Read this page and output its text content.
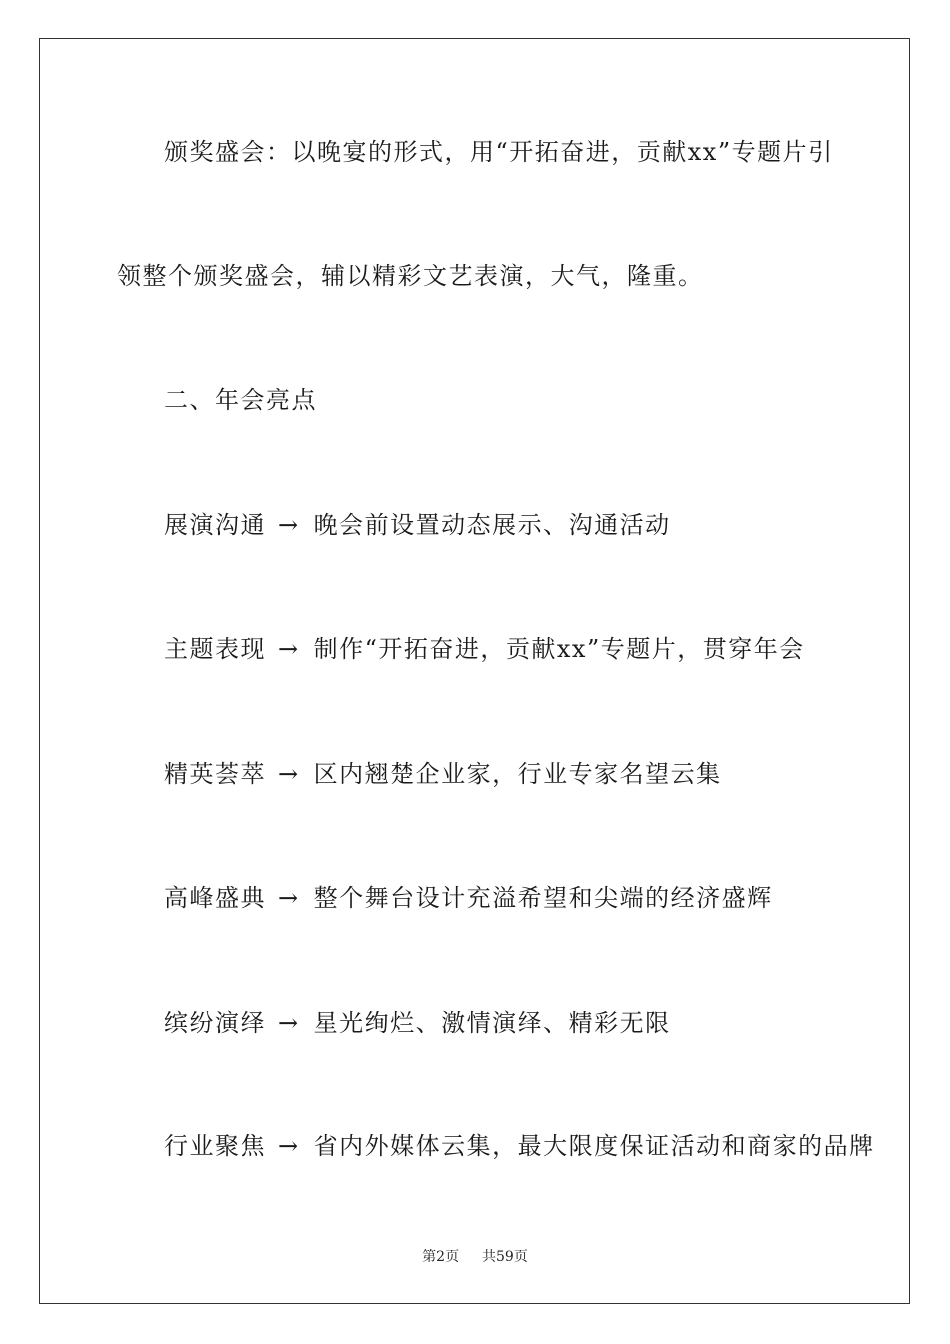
颁奖盛会：以晚宴的形式，用“开拓奋进，贡献xx”专题片引
领整个颁奖盛会，辅以精彩文艺表演，大气，隆重。
二、年会亮点
展演沟通 → 晚会前设置动态展示、沟通活动
主题表现 → 制作“开拓奋进，贡献xx”专题片，贯穿年会
精英荟萃 → 区内翘楚企业家，行业专家名望云集
高峰盛典 → 整个舞台设计充溢希望和尖端的经济盛辉
缤纷演绎 → 星光绚烂、激情演绎、精彩无限
行业聚焦 → 省内外媒体云集，最大限度保证活动和商家的品牌
第2页 共59页
